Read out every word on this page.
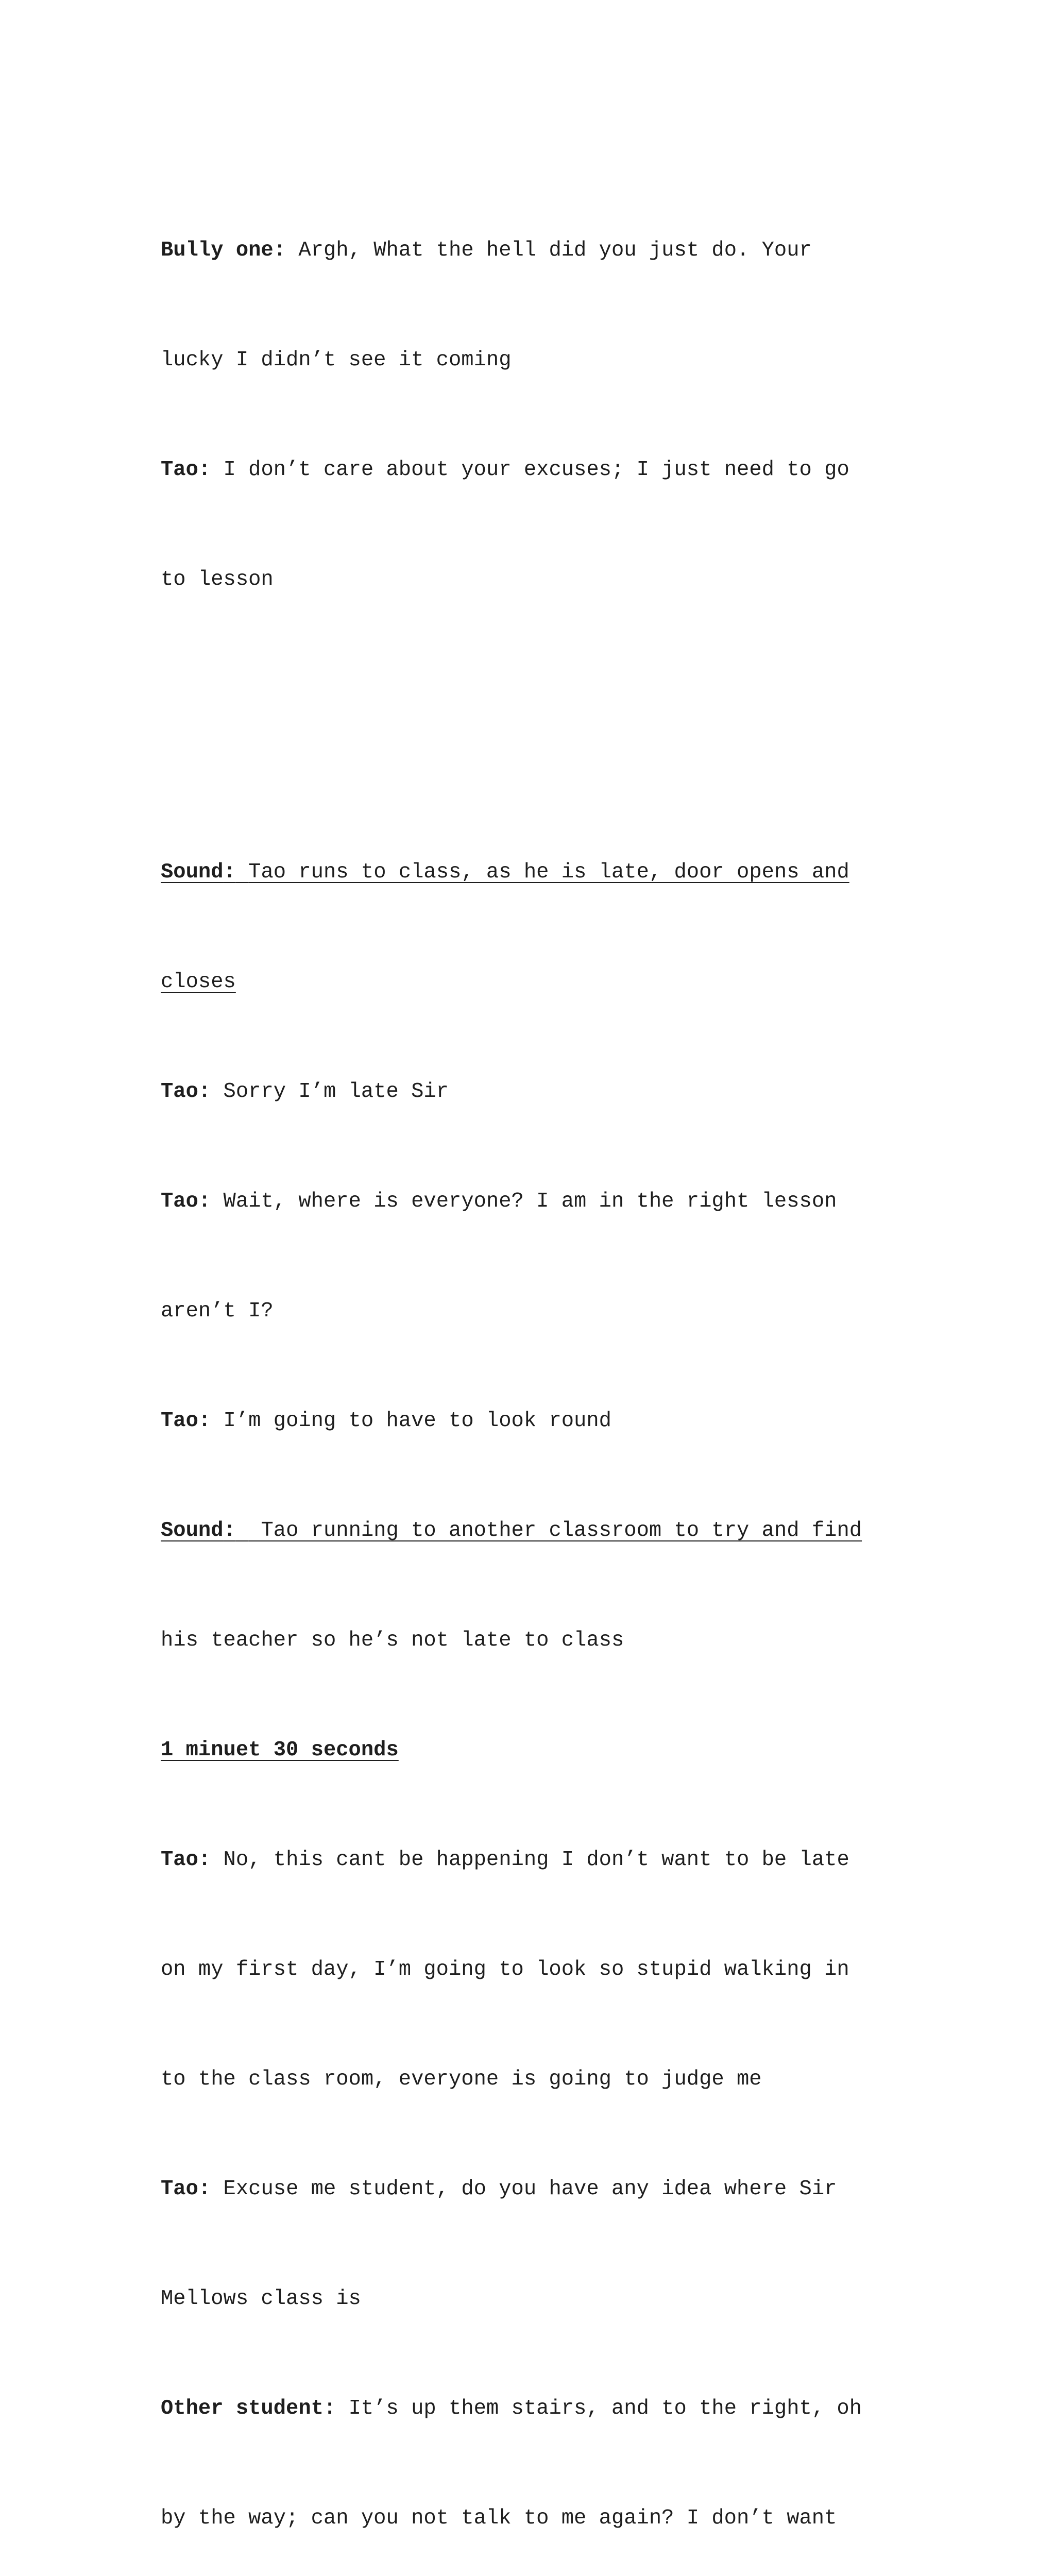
Bully one: Argh, What the hell did you just do. Your

lucky I didn’t see it coming

Tao: I don’t care about your excuses; I just need to go

to lesson

Sound: Tao runs to class, as he is late, door opens and

closes

Tao: Sorry I’m late Sir

Tao: Wait, where is everyone? I am in the right lesson

aren’t I?

Tao: I’m going to have to look round

Sound:  Tao running to another classroom to try and find

his teacher so he’s not late to class

1 minuet 30 seconds

Tao: No, this cant be happening I don’t want to be late

on my first day, I’m going to look so stupid walking in

to the class room, everyone is going to judge me

Tao: Excuse me student, do you have any idea where Sir

Mellows class is

Other student: It’s up them stairs, and to the right, oh

by the way; can you not talk to me again? I don’t want
